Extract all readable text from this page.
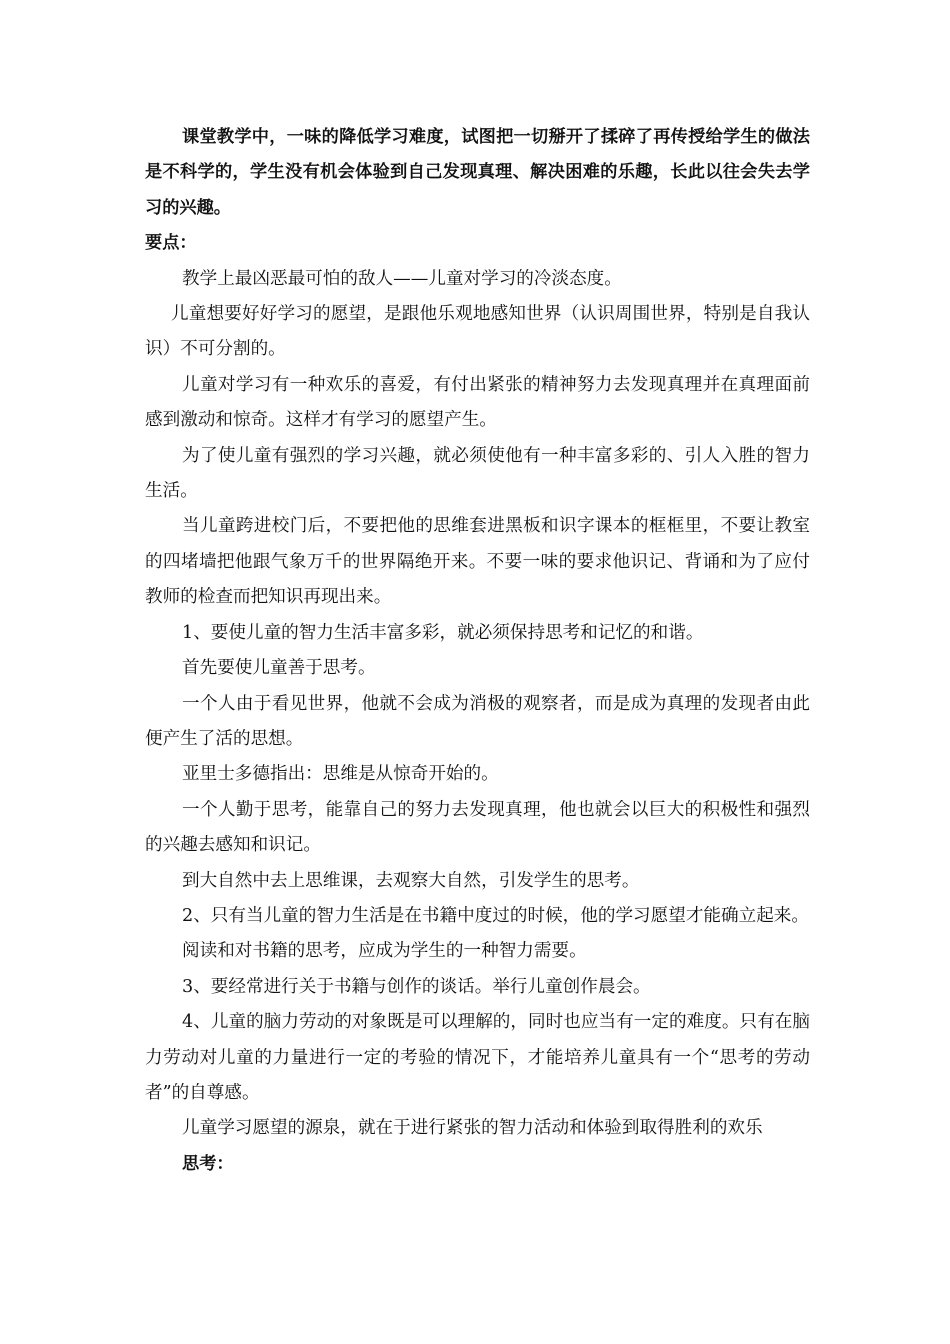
课堂教学中，一味的降低学习难度，试图把一切掰开了揉碎了再传授给学生的做法是不科学的，学生没有机会体验到自己发现真理、解决困难的乐趣，长此以往会失去学习的兴趣。

要点：

教学上最凶恶最可怕的敌人——儿童对学习的冷淡态度。

儿童想要好好学习的愿望，是跟他乐观地感知世界（认识周围世界，特别是自我认识）不可分割的。

儿童对学习有一种欢乐的喜爱，有付出紧张的精神努力去发现真理并在真理面前感到激动和惊奇。这样才有学习的愿望产生。

为了使儿童有强烈的学习兴趣，就必须使他有一种丰富多彩的、引人入胜的智力生活。

当儿童跨进校门后，不要把他的思维套进黑板和识字课本的框框里，不要让教室的四堵墙把他跟气象万千的世界隔绝开来。不要一味的要求他识记、背诵和为了应付教师的检查而把知识再现出来。

1、要使儿童的智力生活丰富多彩，就必须保持思考和记忆的和谐。

首先要使儿童善于思考。

一个人由于看见世界，他就不会成为消极的观察者，而是成为真理的发现者由此便产生了活的思想。

亚里士多德指出：思维是从惊奇开始的。

一个人勤于思考，能靠自己的努力去发现真理，他也就会以巨大的积极性和强烈的兴趣去感知和识记。

到大自然中去上思维课，去观察大自然，引发学生的思考。

2、只有当儿童的智力生活是在书籍中度过的时候，他的学习愿望才能确立起来。

阅读和对书籍的思考，应成为学生的一种智力需要。

3、要经常进行关于书籍与创作的谈话。举行儿童创作晨会。

4、儿童的脑力劳动的对象既是可以理解的，同时也应当有一定的难度。只有在脑力劳动对儿童的力量进行一定的考验的情况下，才能培养儿童具有一个“思考的劳动者”的自尊感。

儿童学习愿望的源泉，就在于进行紧张的智力活动和体验到取得胜利的欢乐

思考：
